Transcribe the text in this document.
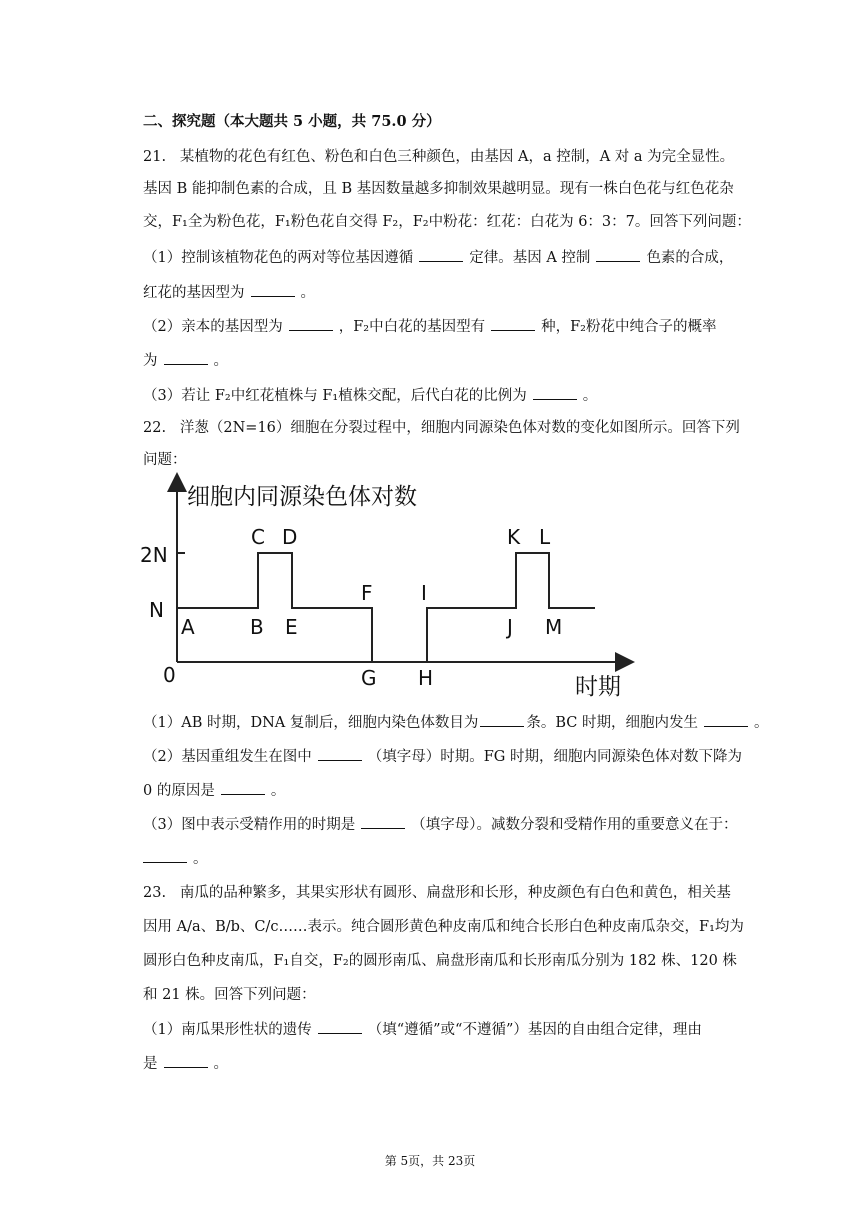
二、探究题（本大题共 5 小题，共 75.0 分）
21. 某植物的花色有红色、粉色和白色三种颜色，由基因 A，a 控制，A 对 a 为完全显性。
基因 B 能抑制色素的合成，且 B 基因数量越多抑制效果越明显。现有一株白色花与红色花杂
交，F₁全为粉色花，F₁粉色花自交得 F₂，F₂中粉花：红花：白花为 6：3：7。回答下列问题：
（1）控制该植物花色的两对等位基因遵循	定律。基因 A 控制	色素的合成，
红花的基因型为	。
（2）亲本的基因型为	，F₂中白花的基因型有	种，F₂粉花中纯合子的概率
为	。
（3）若让 F₂中红花植株与 F₁植株交配，后代白花的比例为	。
22. 洋葱（2N=16）细胞在分裂过程中，细胞内同源染色体对数的变化如图所示。回答下列
问题：
细胞内同源染色体对数
时期
0
2N
N
A	B
C D
E
F
G H
I
J
K L
M
（1）AB 时期，DNA 复制后，细胞内染色体数目为	条。BC 时期，细胞内发生	。
（2）基因重组发生在图中	（填字母）时期。FG 时期，细胞内同源染色体对数下降为
0 的原因是	。
（3）图中表示受精作用的时期是	（填字母）。减数分裂和受精作用的重要意义在于：
。
23. 南瓜的品种繁多，其果实形状有圆形、扁盘形和长形，种皮颜色有白色和黄色，相关基
因用 A/a、B/b、C/c……表示。纯合圆形黄色种皮南瓜和纯合长形白色种皮南瓜杂交，F₁均为
圆形白色种皮南瓜，F₁自交，F₂的圆形南瓜、扁盘形南瓜和长形南瓜分别为 182 株、120 株
和 21 株。回答下列问题：
（1）南瓜果形性状的遗传	（填“遵循”或“不遵循”）基因的自由组合定律，理由
是	。
第 5页，共 23页
